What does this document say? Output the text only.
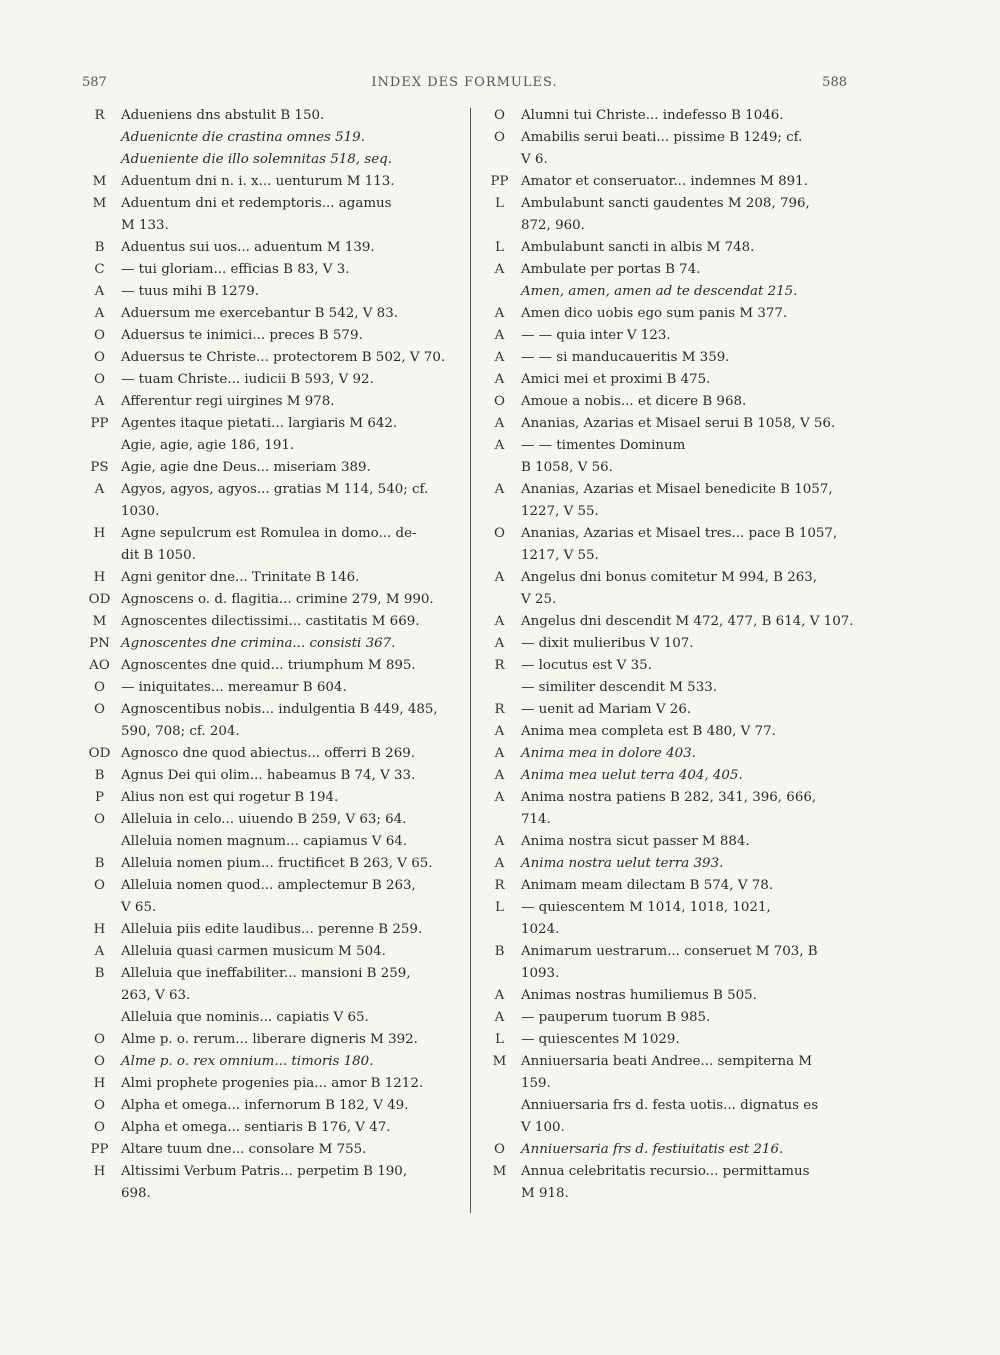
587	INDEX DES FORMULES.	588
R	Adueniens dns abstulit B 150.
Aduenicnte die crastina omnes 519.
Adueniente die illo solemnitas 518, seq.
M	Aduentum dni n. i. x... uenturum M 113.
M	Aduentum dni et redemptoris... agamus
M 133.
B	Aduentus sui uos... aduentum M 139.
C	— tui gloriam... efficias B 83, V 3.
A	— tuus mihi B 1279.
A	Aduersum me exercebantur B 542, V 83.
O	Aduersus te inimici... preces B 579.
O	Aduersus te Christe... protectorem B 502, V 70.
O	— tuam Christe... iudicii B 593, V 92.
A	Afferentur regi uirgines M 978.
PP Agentes itaque pietati... largiaris M 642.
Agie, agie, agie 186, 191.
PS Agie, agie dne Deus... miseriam 389.
A	Agyos, agyos, agyos... gratias M 114, 540; cf.
1030.
H	Agne sepulcrum est Romulea in domo... de-
dit B 1050.
H	Agni genitor dne... Trinitate B 146.
OD Agnoscens o. d. flagitia... crimine 279, M 990.
M	Agnoscentes dilectissimi... castitatis M 669.
PN Agnoscentes dne crimina... consisti 367.
AO Agnoscentes dne quid... triumphum M 895.
O	— iniquitates... mereamur B 604.
O	Agnoscentibus nobis... indulgentia B 449, 485,
590, 708; cf. 204.
OD Agnosco dne quod abiectus... offerri B 269.
B	Agnus Dei qui olim... habeamus B 74, V 33.
P	Alius non est qui rogetur B 194.
O	Alleluia in celo... uiuendo B 259, V 63; 64.
Alleluia nomen magnum... capiamus V 64.
B	Alleluia nomen pium... fructificet B 263, V 65.
O	Alleluia nomen quod... amplectemur B 263,
V 65.
H	Alleluia piis edite laudibus... perenne B 259.
A	Alleluia quasi carmen musicum M 504.
B	Alleluia que ineffabiliter... mansioni B 259,
263, V 63.
Alleluia que nominis... capiatis V 65.
O	Alme p. o. rerum... liberare digneris M 392.
O	Alme p. o. rex omnium... timoris 180.
H	Almi prophete progenies pia... amor B 1212.
O	Alpha et omega... infernorum B 182, V 49.
O	Alpha et omega... sentiaris B 176, V 47.
PP Altare tuum dne... consolare M 755.
H	Altissimi Verbum Patris... perpetim B 190,
698.
O	Alumni tui Christe... indefesso B 1046.
O	Amabilis serui beati... pissime B 1249; cf.
V 6.
PP Amator et conseruator... indemnes M 891.
L	Ambulabunt sancti gaudentes M 208, 796,
872, 960.
L	Ambulabunt sancti in albis M 748.
A	Ambulate per portas B 74.
Amen, amen, amen ad te descendat 215.
A	Amen dico uobis ego sum panis M 377.
A	— — quia inter V 123.
A	— — si manducaueritis M 359.
A	Amici mei et proximi B 475.
O	Amoue a nobis... et dicere B 968.
A	Ananias, Azarias et Misael serui B 1058, V 56.
A	— — timentes Dominum
B 1058, V 56.
A	Ananias, Azarias et Misael benedicite B 1057,
1227, V 55.
O	Ananias, Azarias et Misael tres... pace B 1057,
1217, V 55.
A	Angelus dni bonus comitetur M 994, B 263,
V 25.
A	Angelus dni descendit M 472, 477, B 614, V 107.
A	— dixit mulieribus V 107.
R	— locutus est V 35.
— similiter descendit M 533.
R	— uenit ad Mariam V 26.
A	Anima mea completa est B 480, V 77.
A	Anima mea in dolore 403.
A	Anima mea uelut terra 404, 405.
A	Anima nostra patiens B 282, 341, 396, 666,
714.
A	Anima nostra sicut passer M 884.
A	Anima nostra uelut terra 393.
R	Animam meam dilectam B 574, V 78.
L	— quiescentem M 1014, 1018, 1021,
1024.
B	Animarum uestrarum... conseruet M 703, B
1093.
A	Animas nostras humiliemus B 505.
A	— pauperum tuorum B 985.
L	— quiescentes M 1029.
M	Anniuersaria beati Andree... sempiterna M
159.
Anniuersaria frs d. festa uotis... dignatus es
V 100.
O	Anniuersaria frs d. festiuitatis est 216.
M	Annua celebritatis recursio... permittamus
M 918.
